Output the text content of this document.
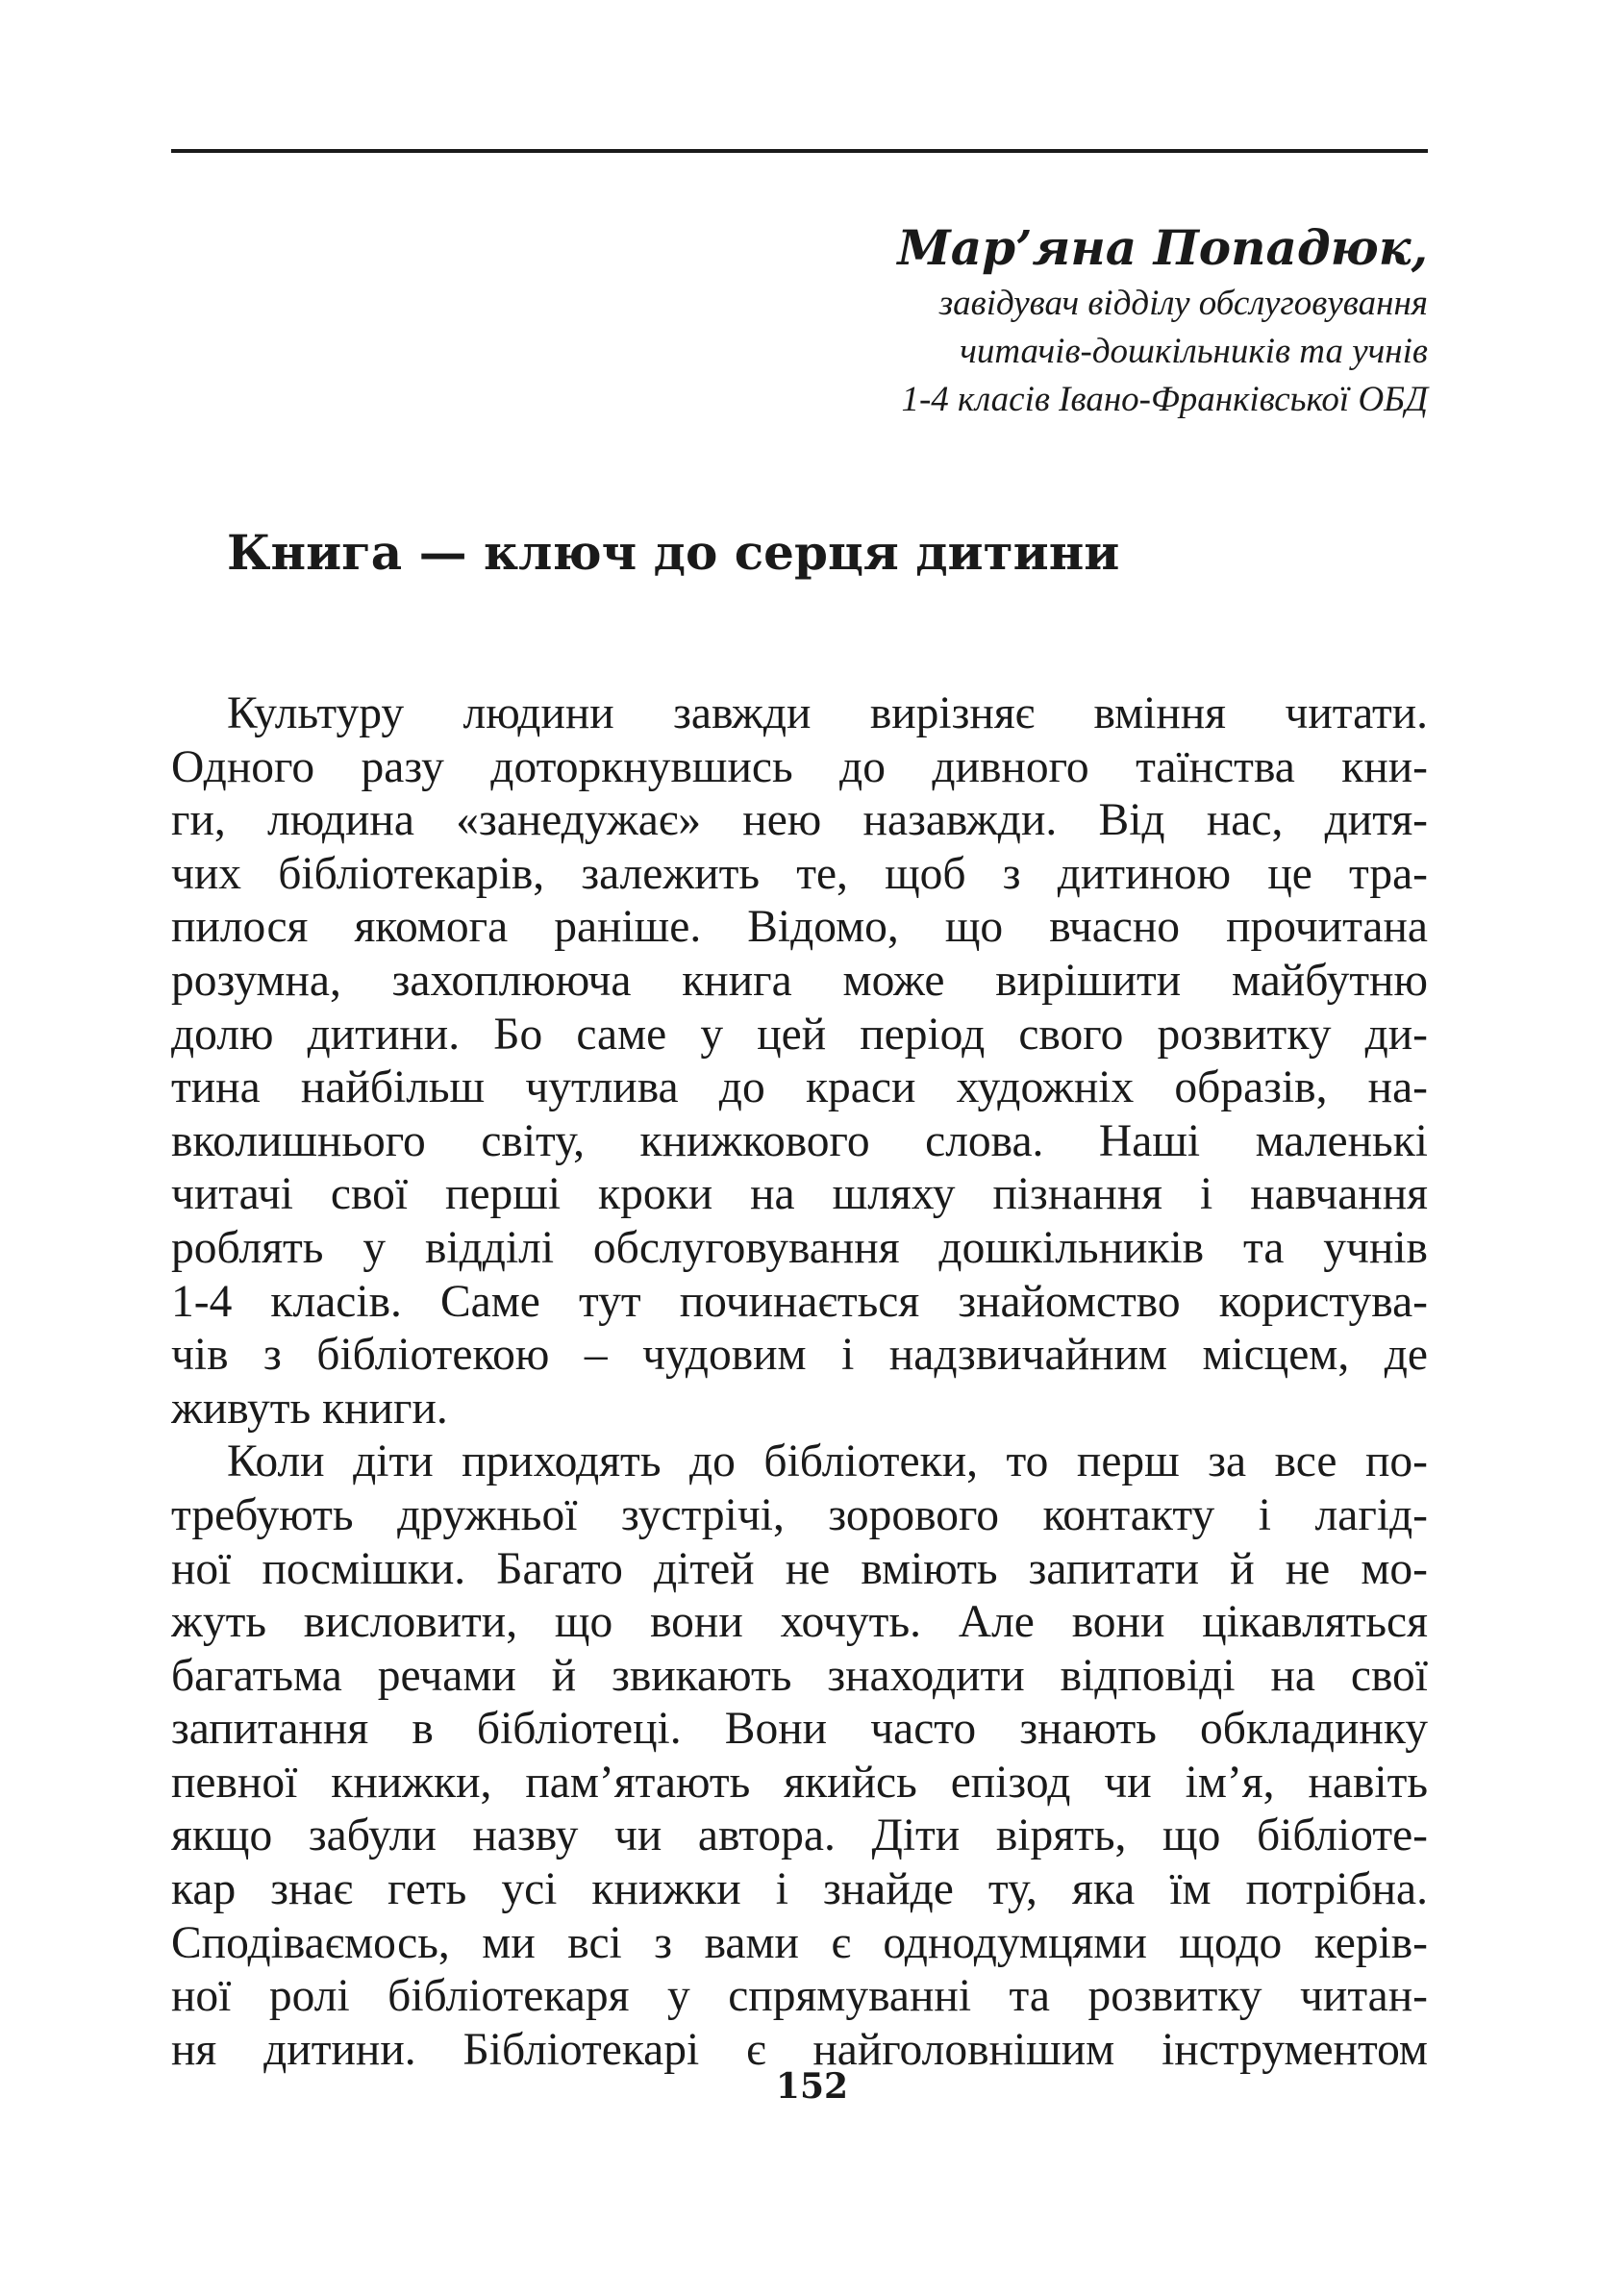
Мар’яна Попадюк,

завідувач відділу обслуговування

читачів-дошкільників та учнів

1-4 класів Івано-Франківської ОБД

Книга — ключ до серця дитини
Культуру людини завжди вирізняє вміння читати.
Одного разу доторкнувшись до дивного таїнства кни-
ги, людина «занедужає» нею назавжди. Від нас, дитя-
чих бібліотекарів, залежить те, щоб з дитиною це тра-
пилося якомога раніше. Відомо, що вчасно прочитана
розумна, захоплююча книга може вирішити майбутню
долю дитини. Бо саме у цей період свого розвитку ди-
тина найбільш чутлива до краси художніх образів, на-
вколишнього світу, книжкового слова. Наші маленькі
читачі свої перші кроки на шляху пізнання і навчання
роблять у відділі обслуговування дошкільників та учнів
1-4 класів. Саме тут починається знайомство користува-
чів з бібліотекою – чудовим і надзвичайним місцем, де
живуть книги.
Коли діти приходять до бібліотеки, то перш за все по-
требують дружньої зустрічі, зорового контакту і лагід-
ної посмішки. Багато дітей не вміють запитати й не мо-
жуть висловити, що вони хочуть. Але вони цікавляться
багатьма речами й звикають знаходити відповіді на свої
запитання в бібліотеці. Вони часто знають обкладинку
певної книжки, пам’ятають якийсь епізод чи ім’я, навіть
якщо забули назву чи автора. Діти вірять, що бібліоте-
кар знає геть усі книжки і знайде ту, яка їм потрібна.
Сподіваємось, ми всі з вами є однодумцями щодо керів-
ної ролі бібліотекаря у спрямуванні та розвитку читан-
ня дитини. Бібліотекарі є найголовнішим інструментом
152
